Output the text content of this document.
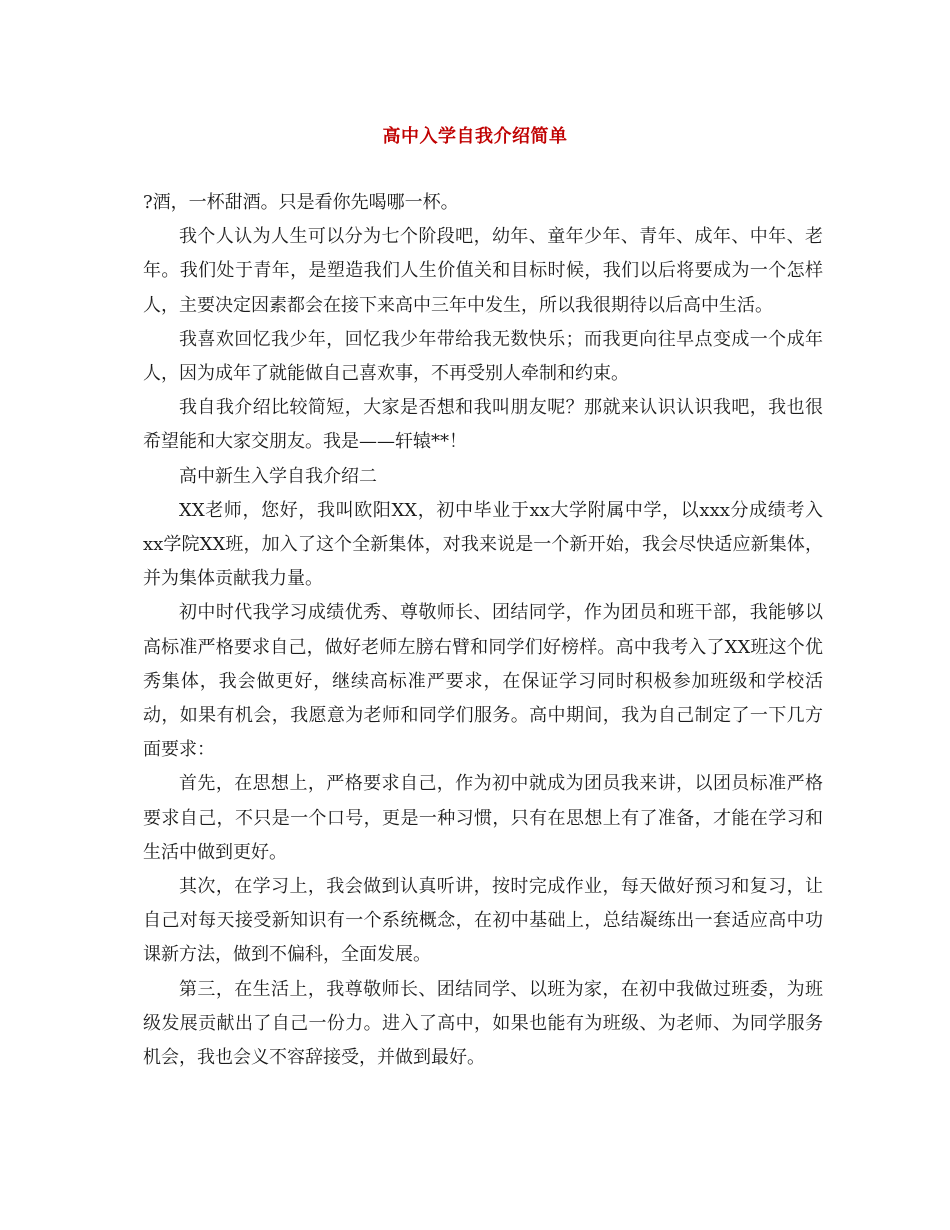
高中入学自我介绍简单

?酒，一杯甜酒。只是看你先喝哪一杯。

我个人认为人生可以分为七个阶段吧，幼年、童年少年、青年、成年、中年、老年。我们处于青年，是塑造我们人生价值关和目标时候，我们以后将要成为一个怎样人，主要决定因素都会在接下来高中三年中发生，所以我很期待以后高中生活。

我喜欢回忆我少年，回忆我少年带给我无数快乐；而我更向往早点变成一个成年人，因为成年了就能做自己喜欢事，不再受别人牵制和约束。

我自我介绍比较简短，大家是否想和我叫朋友呢？那就来认识认识我吧，我也很希望能和大家交朋友。我是——轩辕**！

高中新生入学自我介绍二

XX老师，您好，我叫欧阳XX，初中毕业于xx大学附属中学，以xxx分成绩考入xx学院XX班，加入了这个全新集体，对我来说是一个新开始，我会尽快适应新集体，并为集体贡献我力量。

初中时代我学习成绩优秀、尊敬师长、团结同学，作为团员和班干部，我能够以高标准严格要求自己，做好老师左膀右臂和同学们好榜样。高中我考入了XX班这个优秀集体，我会做更好，继续高标准严要求，在保证学习同时积极参加班级和学校活动，如果有机会，我愿意为老师和同学们服务。高中期间，我为自己制定了一下几方面要求：

首先，在思想上，严格要求自己，作为初中就成为团员我来讲，以团员标准严格要求自己，不只是一个口号，更是一种习惯，只有在思想上有了准备，才能在学习和生活中做到更好。

其次，在学习上，我会做到认真听讲，按时完成作业，每天做好预习和复习，让自己对每天接受新知识有一个系统概念，在初中基础上，总结凝练出一套适应高中功课新方法，做到不偏科，全面发展。

第三，在生活上，我尊敬师长、团结同学、以班为家，在初中我做过班委，为班级发展贡献出了自己一份力。进入了高中，如果也能有为班级、为老师、为同学服务机会，我也会义不容辞接受，并做到最好。
